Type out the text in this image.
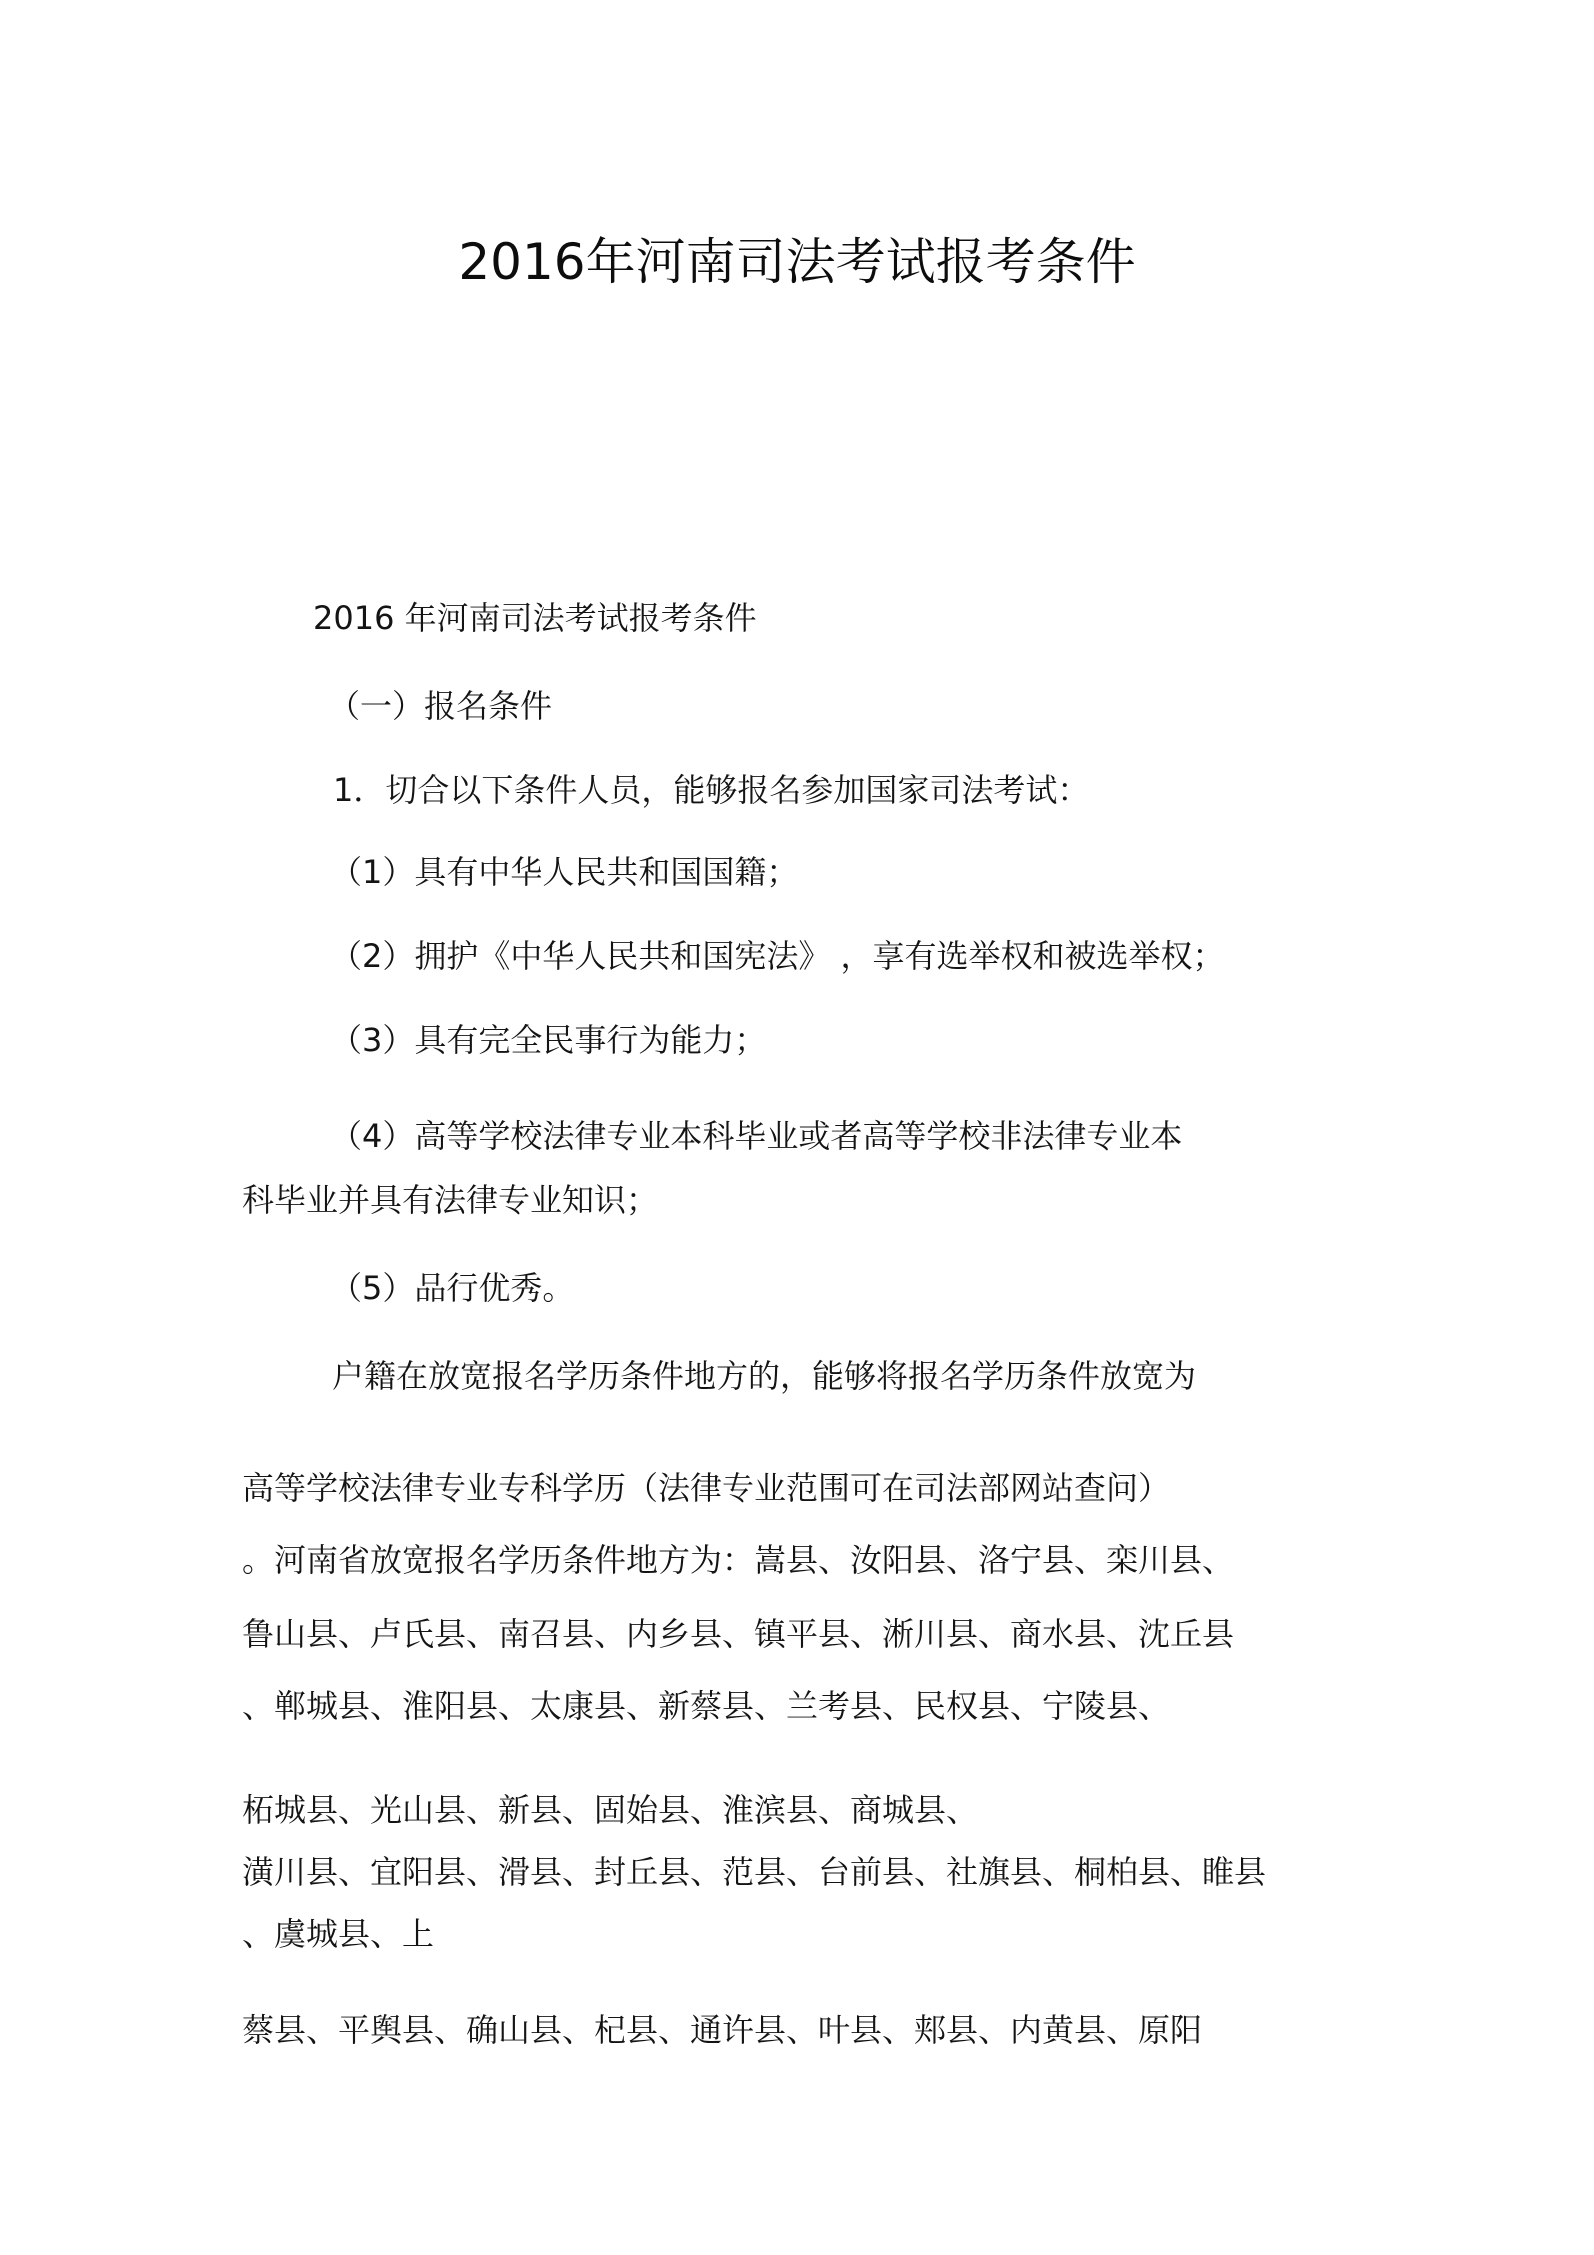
2016年河南司法考试报考条件
2016 年河南司法考试报考条件
（一）报名条件
1．切合以下条件人员，能够报名参加国家司法考试：
（1）具有中华人民共和国国籍；
（2）拥护《中华人民共和国宪法》 ，享有选举权和被选举权；
（3）具有完全民事行为能力；
（4）高等学校法律专业本科毕业或者高等学校非法律专业本
科毕业并具有法律专业知识；
（5）品行优秀。
户籍在放宽报名学历条件地方的，能够将报名学历条件放宽为
高等学校法律专业专科学历（法律专业范围可在司法部网站查问）
。河南省放宽报名学历条件地方为：嵩县、汝阳县、洛宁县、栾川县、
鲁山县、卢氏县、南召县、内乡县、镇平县、淅川县、商水县、沈丘县
、郸城县、淮阳县、太康县、新蔡县、兰考县、民权县、宁陵县、
柘城县、光山县、新县、固始县、淮滨县、商城县、
潢川县、宜阳县、滑县、封丘县、范县、台前县、社旗县、桐柏县、睢县
、虞城县、上
蔡县、平舆县、确山县、杞县、通许县、叶县、郏县、内黄县、原阳
